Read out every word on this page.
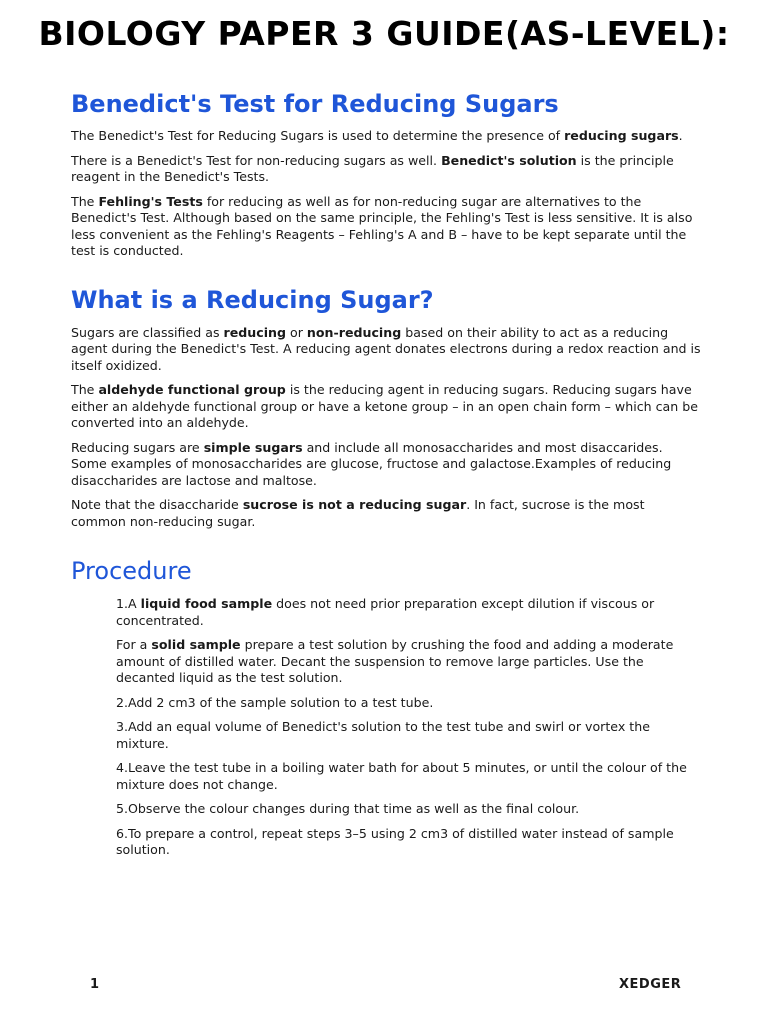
BIOLOGY PAPER 3 GUIDE(AS-LEVEL):
Benedict's Test for Reducing Sugars

The Benedict's Test for Reducing Sugars is used to determine the presence of reducing sugars.

There is a Benedict's Test for non-reducing sugars as well. Benedict's solution is the principle reagent in the Benedict's Tests.

The Fehling's Tests for reducing as well as for non-reducing sugar are alternatives to the Benedict's Test. Although based on the same principle, the Fehling's Test is less sensitive. It is also less convenient as the Fehling's Reagents – Fehling's A and B – have to be kept separate until the test is conducted.

What is a Reducing Sugar?

Sugars are classified as reducing or non-reducing based on their ability to act as a reducing agent during the Benedict's Test. A reducing agent donates electrons during a redox reaction and is itself oxidized.

The aldehyde functional group is the reducing agent in reducing sugars. Reducing sugars have either an aldehyde functional group or have a ketone group – in an open chain form – which can be converted into an aldehyde.

Reducing sugars are simple sugars and include all monosaccharides and most disaccarides. Some examples of monosaccharides are glucose, fructose and galactose.Examples of reducing disaccharides are lactose and maltose.

Note that the disaccharide sucrose is not a reducing sugar. In fact, sucrose is the most common non-reducing sugar.

Procedure

1.A liquid food sample does not need prior preparation except dilution if viscous or concentrated.

For a solid sample prepare a test solution by crushing the food and adding a moderate amount of distilled water. Decant the suspension to remove large particles. Use the decanted liquid as the test solution.

2.Add 2 cm3 of the sample solution to a test tube.

3.Add an equal volume of Benedict's solution to the test tube and swirl or vortex the mixture.

4.Leave the test tube in a boiling water bath for about 5 minutes, or until the colour of the mixture does not change.

5.Observe the colour changes during that time as well as the final colour.

6.To prepare a control, repeat steps 3–5 using 2 cm3 of distilled water instead of sample solution.

1	XEDGER
